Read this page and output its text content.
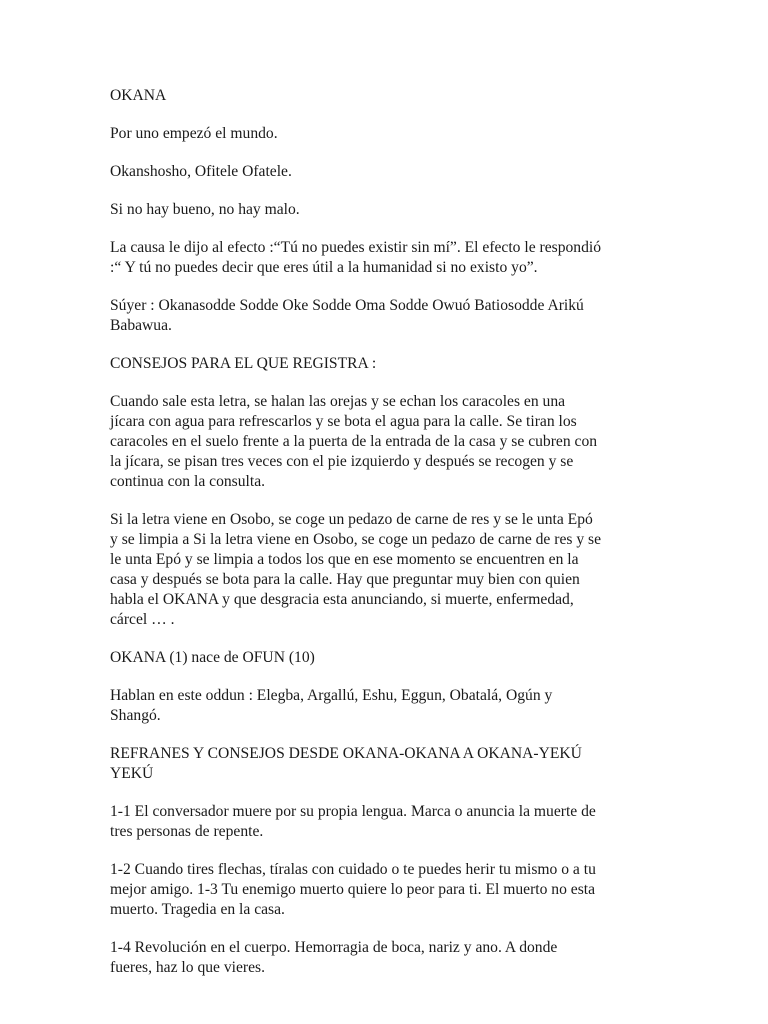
OKANA

Por uno empezó el mundo.

Okanshosho, Ofitele Ofatele.

Si no hay bueno, no hay malo.

La causa le dijo al efecto :“Tú no puedes existir sin mí”. El efecto le respondió
:“ Y tú no puedes decir que eres útil a la humanidad si no existo yo”.

Súyer : Okanasodde Sodde Oke Sodde Oma Sodde Owuó Batiosodde Arikú
Babawua.

CONSEJOS PARA EL QUE REGISTRA :

Cuando sale esta letra, se halan las orejas y se echan los caracoles en una
jícara con agua para refrescarlos y se bota el agua para la calle. Se tiran los
caracoles en el suelo frente a la puerta de la entrada de la casa y se cubren con
la jícara, se pisan tres veces con el pie izquierdo y después se recogen y se
continua con la consulta.

Si la letra viene en Osobo, se coge un pedazo de carne de res y se le unta Epó
y se limpia a Si la letra viene en Osobo, se coge un pedazo de carne de res y se
le unta Epó y se limpia a todos los que en ese momento se encuentren en la
casa y después se bota para la calle. Hay que preguntar muy bien con quien
habla el OKANA y que desgracia esta anunciando, si muerte, enfermedad,
cárcel … .

OKANA (1) nace de OFUN (10)

Hablan en este oddun : Elegba, Argallú, Eshu, Eggun, Obatalá, Ogún y
Shangó.

REFRANES Y CONSEJOS DESDE OKANA-OKANA A OKANA-YEKÚ
YEKÚ

1-1 El conversador muere por su propia lengua. Marca o anuncia la muerte de
tres personas de repente.

1-2 Cuando tires flechas, tíralas con cuidado o te puedes herir tu mismo o a tu
mejor amigo. 1-3 Tu enemigo muerto quiere lo peor para ti. El muerto no esta
muerto. Tragedia en la casa.

1-4 Revolución en el cuerpo. Hemorragia de boca, nariz y ano. A donde
fueres, haz lo que vieres.
